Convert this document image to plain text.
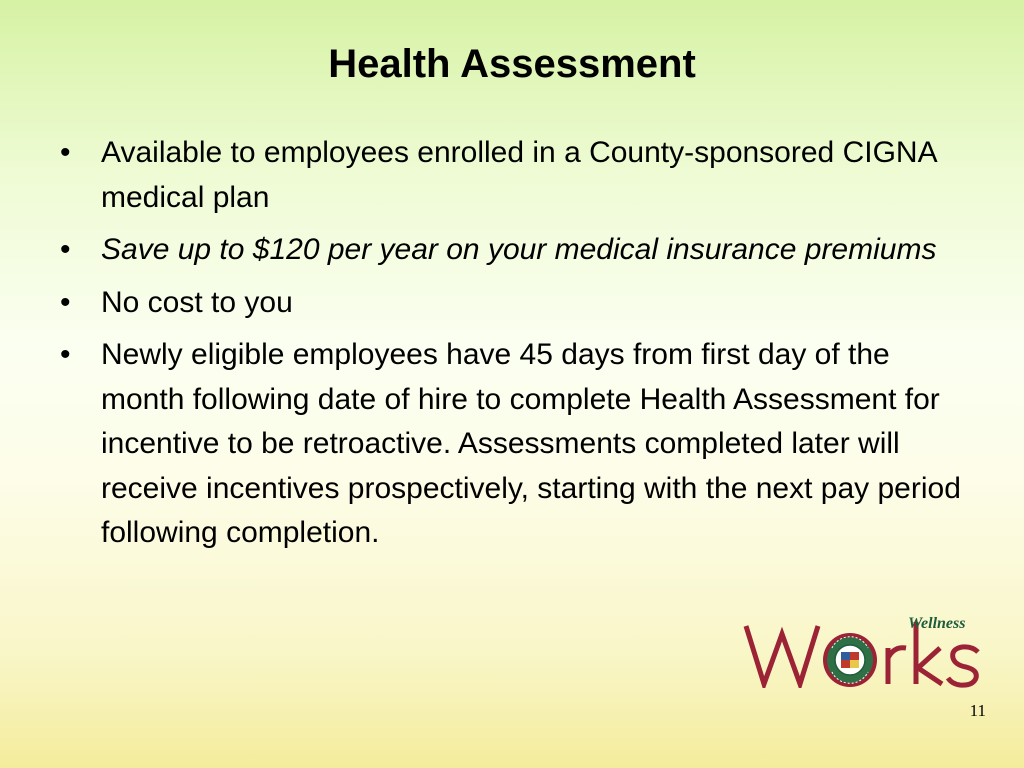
Health Assessment
• Available to employees enrolled in a County-sponsored CIGNA medical plan
• Save up to $120 per year on your medical insurance premiums
• No cost to you
• Newly eligible employees have 45 days from first day of the month following date of hire to complete Health Assessment for incentive to be retroactive. Assessments completed later will receive incentives prospectively, starting with the next pay period following completion.
Wellness
11
